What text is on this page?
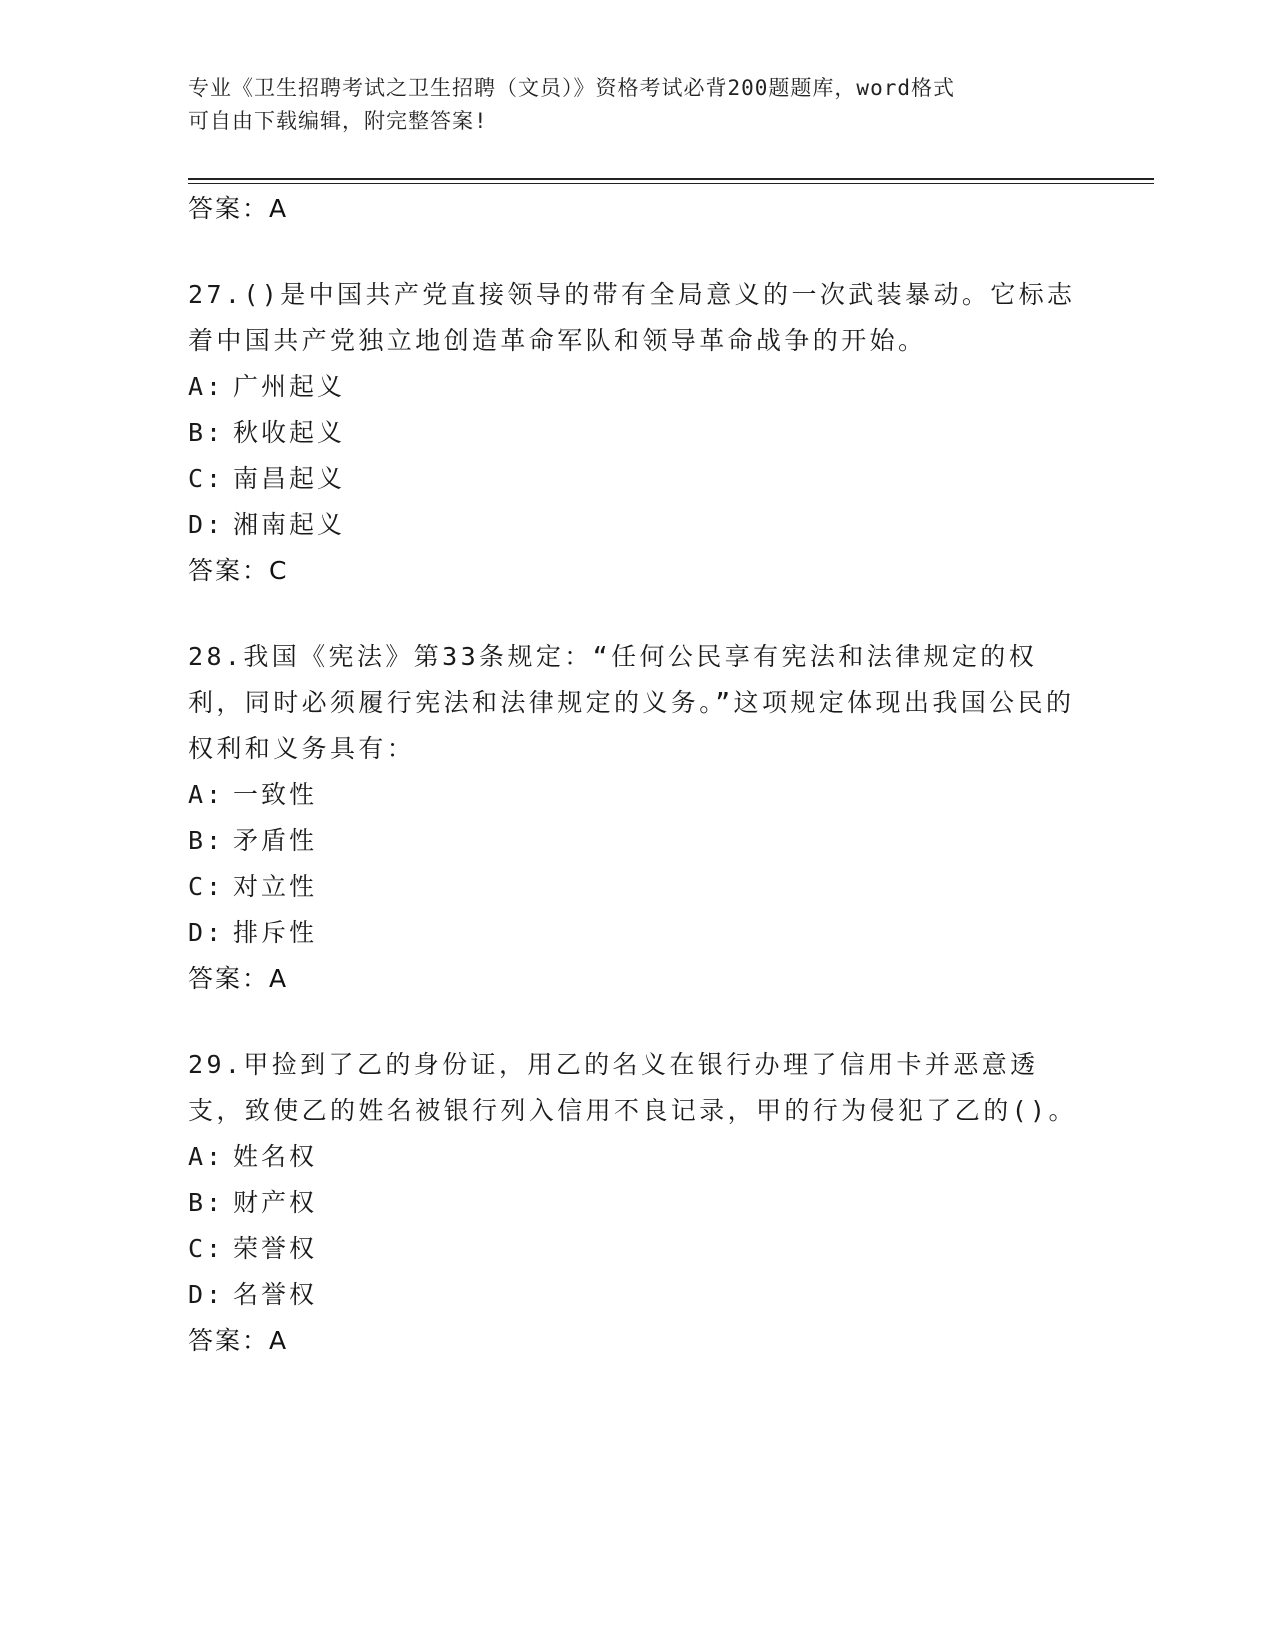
专业《卫生招聘考试之卫生招聘（文员）》资格考试必背200题题库，word格式
可自由下载编辑，附完整答案!
答案：A
27.()是中国共产党直接领导的带有全局意义的一次武装暴动。它标志着中国共产党独立地创造革命军队和领导革命战争的开始。
A: 广州起义
B: 秋收起义
C: 南昌起义
D: 湘南起义
答案：C
28.我国《宪法》第33条规定：“任何公民享有宪法和法律规定的权利，同时必须履行宪法和法律规定的义务。”这项规定体现出我国公民的权利和义务具有：
A: 一致性
B: 矛盾性
C: 对立性
D: 排斥性
答案：A
29.甲捡到了乙的身份证，用乙的名义在银行办理了信用卡并恶意透支，致使乙的姓名被银行列入信用不良记录，甲的行为侵犯了乙的()。
A: 姓名权
B: 财产权
C: 荣誉权
D: 名誉权
答案：A
